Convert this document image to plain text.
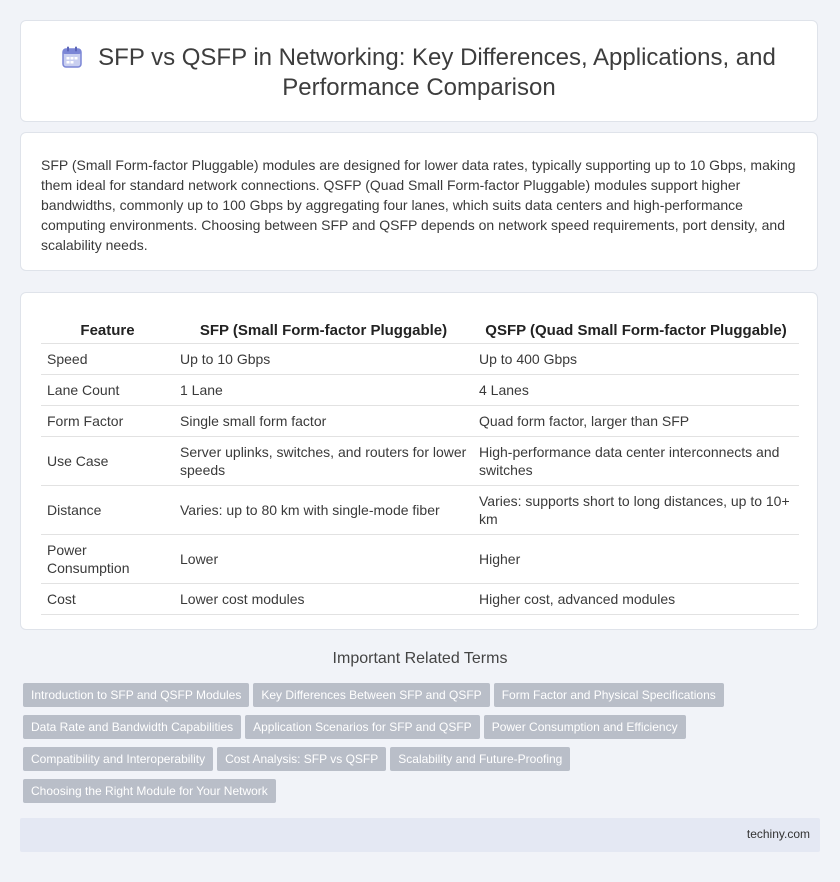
SFP vs QSFP in Networking: Key Differences, Applications, and Performance Comparison
SFP (Small Form-factor Pluggable) modules are designed for lower data rates, typically supporting up to 10 Gbps, making them ideal for standard network connections. QSFP (Quad Small Form-factor Pluggable) modules support higher bandwidths, commonly up to 100 Gbps by aggregating four lanes, which suits data centers and high-performance computing environments. Choosing between SFP and QSFP depends on network speed requirements, port density, and scalability needs.
Feature	SFP (Small Form-factor Pluggable)	QSFP (Quad Small Form-factor Pluggable)
Speed	Up to 10 Gbps	Up to 400 Gbps
Lane Count	1 Lane	4 Lanes
Form Factor	Single small form factor	Quad form factor, larger than SFP
Use Case	Server uplinks, switches, and routers for lower speeds	High-performance data center interconnects and switches
Distance	Varies: up to 80 km with single-mode fiber	Varies: supports short to long distances, up to 10+ km
Power Consumption	Lower	Higher
Cost	Lower cost modules	Higher cost, advanced modules
Important Related Terms
Introduction to SFP and QSFP Modules Key Differences Between SFP and QSFP Form Factor and Physical Specifications
Data Rate and Bandwidth Capabilities Application Scenarios for SFP and QSFP Power Consumption and Efficiency
Compatibility and Interoperability Cost Analysis: SFP vs QSFP Scalability and Future-Proofing
Choosing the Right Module for Your Network
techiny.com
